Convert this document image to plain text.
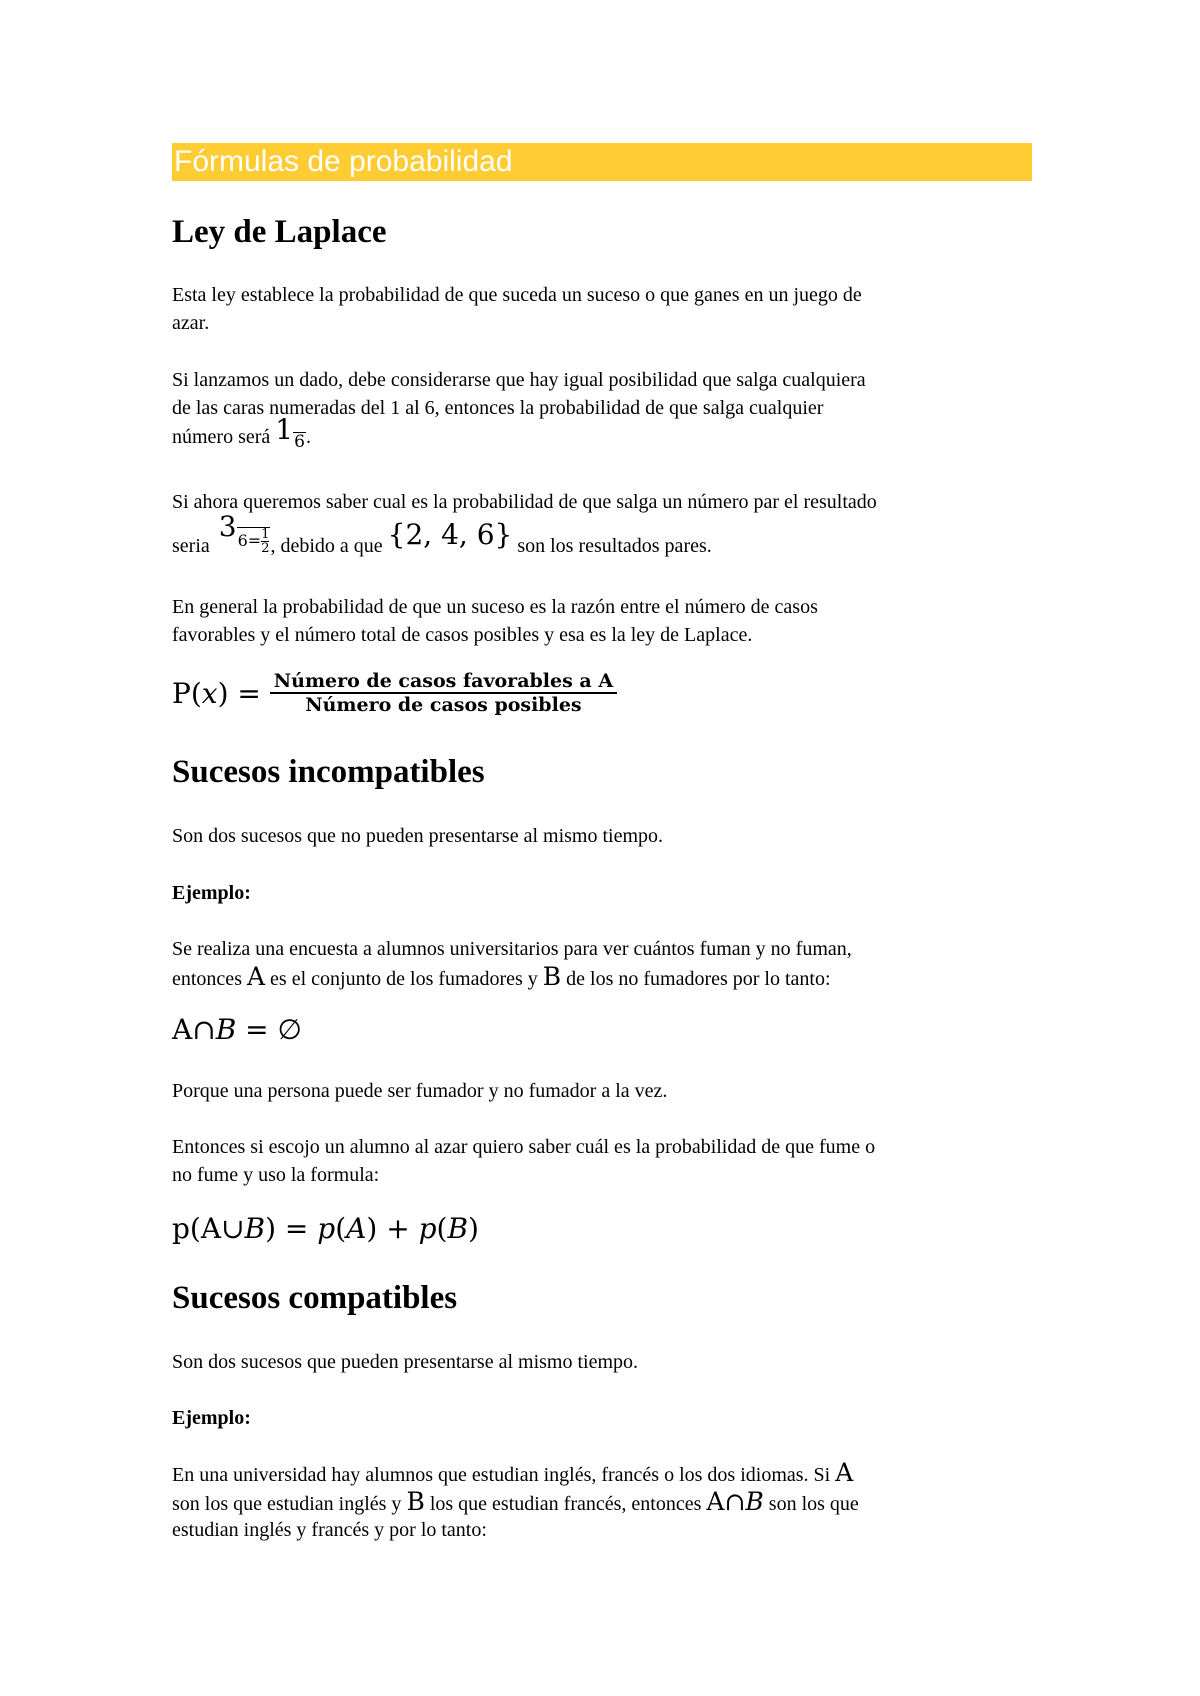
Fórmulas de probabilidad
Ley de Laplace

Esta ley establece la probabilidad de que suceda un suceso o que ganes en un juego de

azar.

Si lanzamos un dado, debe considerarse que hay igual posibilidad que salga cualquiera

de las caras numeradas del 1 al 6, entonces la probabilidad de que salga cualquier

número será 16.

Si ahora queremos saber cual es la probabilidad de que salga un número par el resultado

seria $36= \frac{1}{2}$ , debido a que {2, 4, 6} son los resultados pares.

En general la probabilidad de que un suceso es la razón entre el número de casos

favorables y el número total de casos posibles y esa es la ley de Laplace.

$P(x) = \frac{\text{Número de casos favorables a A}}{\text{Número de casos posibles}}$
Sucesos incompatibles

Son dos sucesos que no pueden presentarse al mismo tiempo.

Ejemplo:

Se realiza una encuesta a alumnos universitarios para ver cuántos fuman y no fuman,

entonces A es el conjunto de los fumadores y B de los no fumadores por lo tanto:

A∩B = ∅

Porque una persona puede ser fumador y no fumador a la vez.

Entonces si escojo un alumno al azar quiero saber cuál es la probabilidad de que fume o

no fume y uso la formula:

p(A∪B) = p(A) + p(B)
Sucesos compatibles

Son dos sucesos que pueden presentarse al mismo tiempo.

Ejemplo:

En una universidad hay alumnos que estudian inglés, francés o los dos idiomas. Si A

son los que estudian inglés y B los que estudian francés, entonces A∩B son los que

estudian inglés y francés y por lo tanto:
